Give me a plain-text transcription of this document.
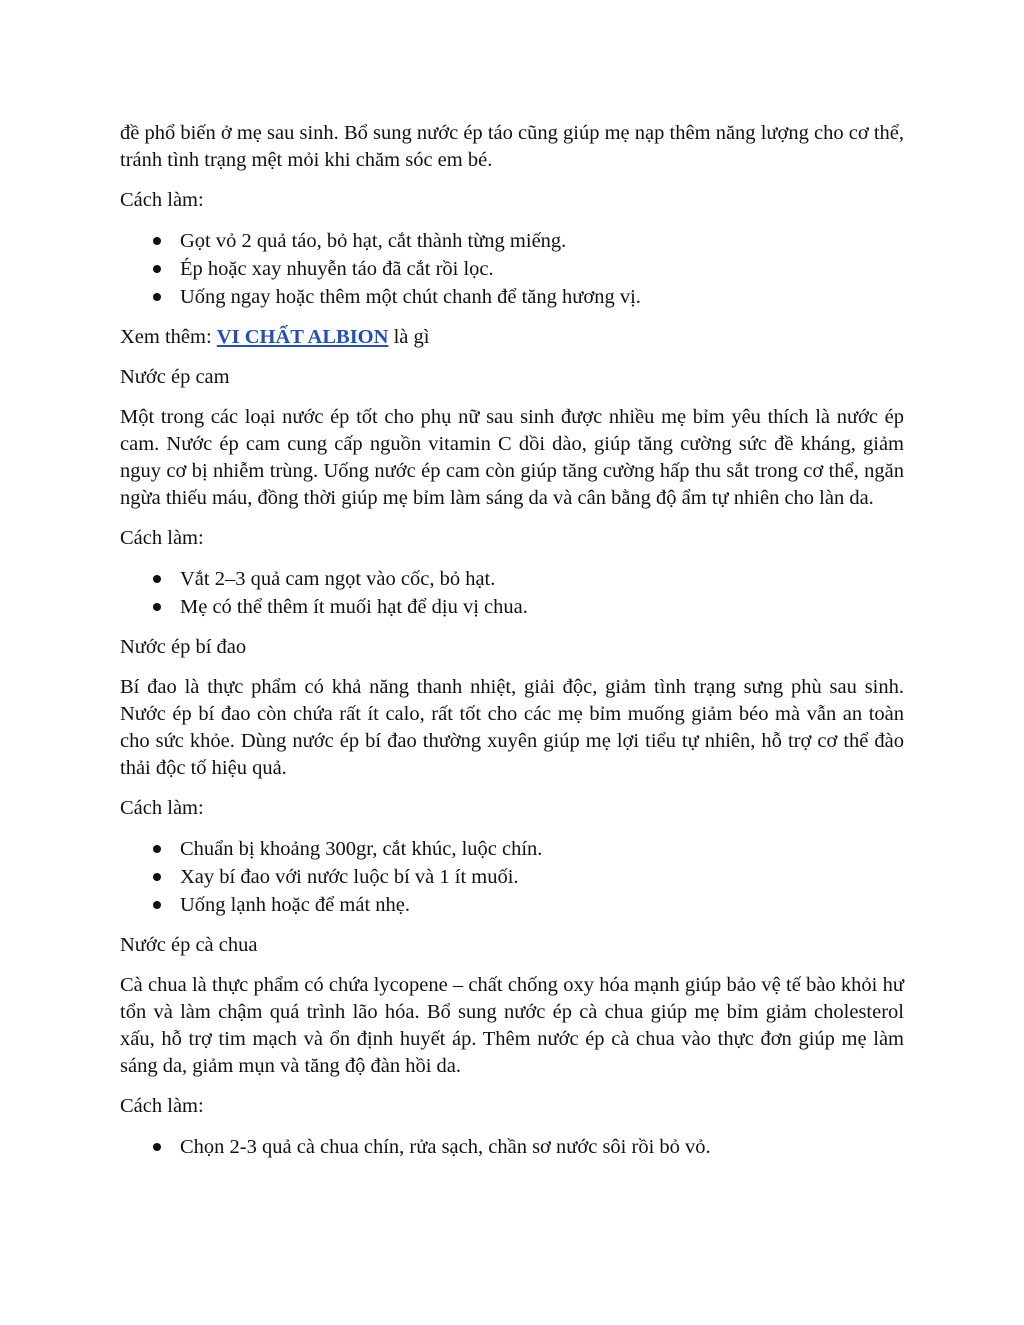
đề phổ biến ở mẹ sau sinh. Bổ sung nước ép táo cũng giúp mẹ nạp thêm năng lượng cho cơ thể, tránh tình trạng mệt mỏi khi chăm sóc em bé.

Cách làm:

Gọt vỏ 2 quả táo, bỏ hạt, cắt thành từng miếng.
Ép hoặc xay nhuyễn táo đã cắt rồi lọc.
Uống ngay hoặc thêm một chút chanh để tăng hương vị.

Xem thêm: VI CHẤT ALBION là gì

Nước ép cam

Một trong các loại nước ép tốt cho phụ nữ sau sinh được nhiều mẹ bỉm yêu thích là nước ép cam. Nước ép cam cung cấp nguồn vitamin C dồi dào, giúp tăng cường sức đề kháng, giảm nguy cơ bị nhiễm trùng. Uống nước ép cam còn giúp tăng cường hấp thu sắt trong cơ thể, ngăn ngừa thiếu máu, đồng thời giúp mẹ bỉm làm sáng da và cân bằng độ ẩm tự nhiên cho làn da.

Cách làm:

Vắt 2–3 quả cam ngọt vào cốc, bỏ hạt.
Mẹ có thể thêm ít muối hạt để dịu vị chua.

Nước ép bí đao

Bí đao là thực phẩm có khả năng thanh nhiệt, giải độc, giảm tình trạng sưng phù sau sinh. Nước ép bí đao còn chứa rất ít calo, rất tốt cho các mẹ bỉm muống giảm béo mà vẫn an toàn cho sức khỏe. Dùng nước ép bí đao thường xuyên giúp mẹ lợi tiểu tự nhiên, hỗ trợ cơ thể đào thải độc tố hiệu quả.

Cách làm:

Chuẩn bị khoảng 300gr, cắt khúc, luộc chín.
Xay bí đao với nước luộc bí và 1 ít muối.
Uống lạnh hoặc để mát nhẹ.

Nước ép cà chua

Cà chua là thực phẩm có chứa lycopene – chất chống oxy hóa mạnh giúp bảo vệ tế bào khỏi hư tổn và làm chậm quá trình lão hóa. Bổ sung nước ép cà chua giúp mẹ bỉm giảm cholesterol xấu, hỗ trợ tim mạch và ổn định huyết áp. Thêm nước ép cà chua vào thực đơn giúp mẹ làm sáng da, giảm mụn và tăng độ đàn hồi da.

Cách làm:

Chọn 2-3 quả cà chua chín, rửa sạch, chần sơ nước sôi rồi bỏ vỏ.
